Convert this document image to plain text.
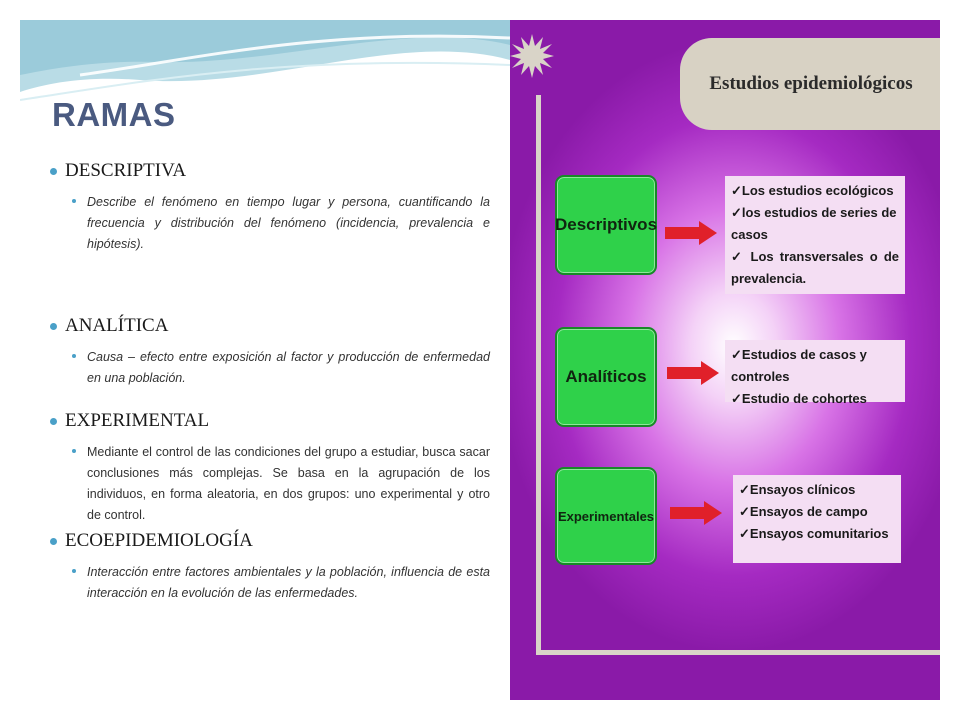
RAMAS
DESCRIPTIVA
Describe el fenómeno en tiempo lugar y persona, cuantificando la frecuencia y distribución del fenómeno (incidencia, prevalencia e hipótesis).
ANALÍTICA
Causa – efecto entre exposición al factor y producción de enfermedad en una población.
EXPERIMENTAL
Mediante el control de las condiciones del grupo a estudiar, busca sacar conclusiones más complejas. Se basa en la agrupación de los individuos, en forma aleatoria, en dos grupos: uno experimental y otro de control.
ECOEPIDEMIOLOGÍA
Interacción entre factores ambientales y la población, influencia de esta interacción en la evolución de las enfermedades.
Estudios epidemiológicos
Descriptivos
✓Los estudios ecológicos
✓los estudios de series de casos
✓ Los transversales o de
prevalencia.
Analíticos
✓Estudios de casos y controles
✓Estudio de cohortes
Experimentales
✓Ensayos clínicos
✓Ensayos de campo
✓Ensayos comunitarios
